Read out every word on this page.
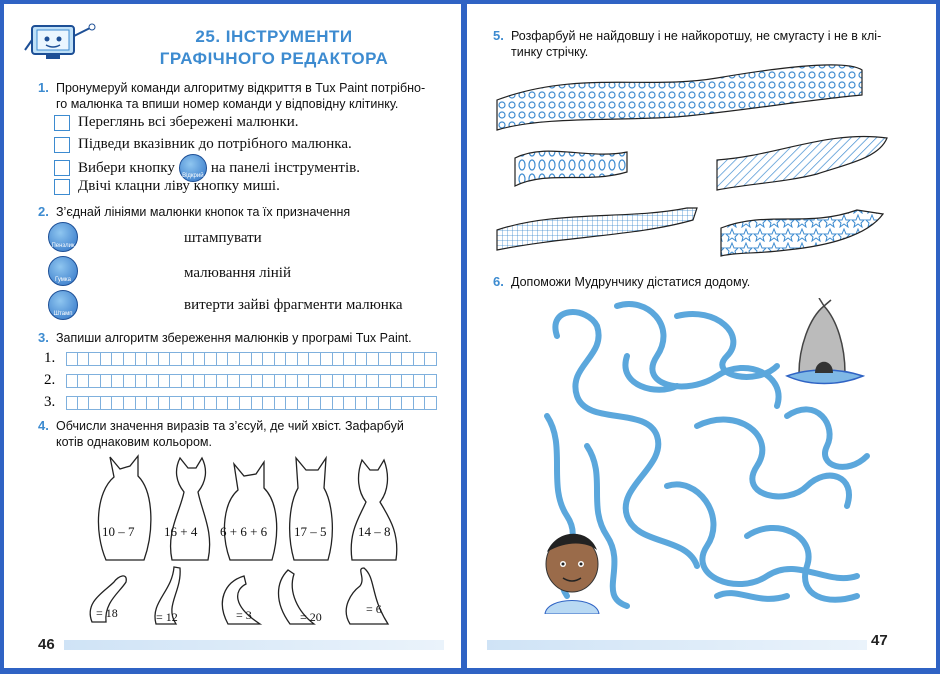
25. ІНСТРУМЕНТИ
ГРАФІЧНОГО РЕДАКТОРА
1. Пронумеруй команди алгоритму відкриття в Tux Paint потрібно-
го малюнка та впиши номер команди у відповідну клітинку.
Переглянь всі збережені малюнки.
Підведи вказівник до потрібного малюнка.
Вибери кнопку
Відкрий
на панелі інструментів.
Двічі клацни ліву кнопку миші.
2. З’єднай лініями малюнки кнопок та їх призначення
Пензлик
Гумка
Штамп
штампувати
малювання ліній
витерти зайві фрагменти малюнка
3. Запиши алгоритм збереження малюнків у програмі Tux Paint.
1.
2.
3.
4. Обчисли значення виразів та з’єсуй, де чий хвіст. Зафарбуй
котів однаковим кольором.
10 – 7 16 + 4 6 + 6 + 6 17 – 5 14 – 8
= 18	= 12	= 3	= 20
= 6
46
5. Розфарбуй не найдовшу і не найкоротшу, не смугасту і не в клі-
тинку стрічку.
6. Допоможи Мудрунчику дістатися додому.
47
